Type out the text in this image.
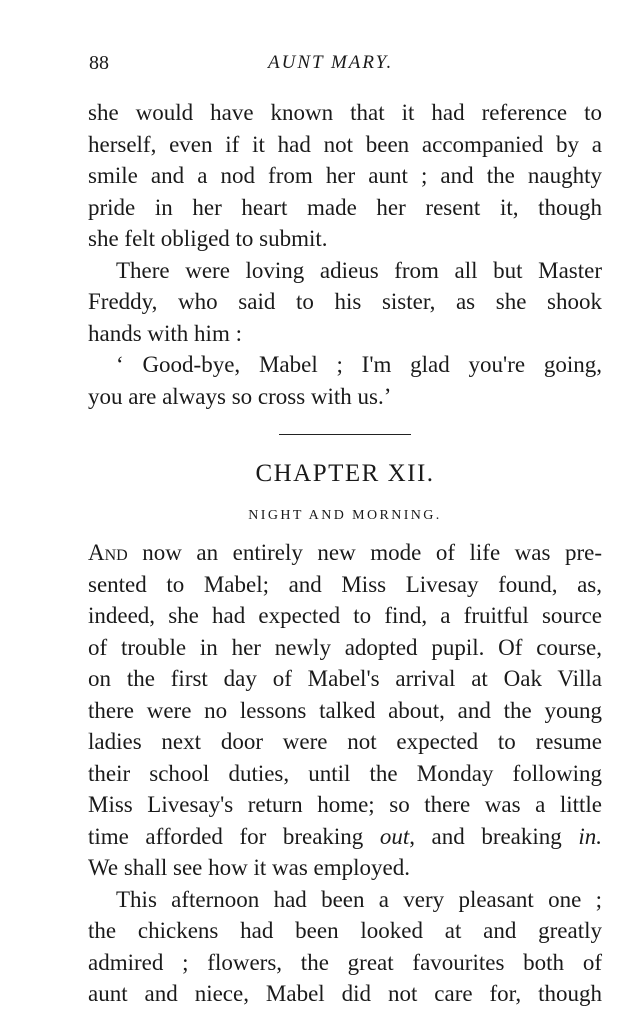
88	AUNT MARY.
she would have known that it had reference to
herself, even if it had not been accompanied by a
smile and a nod from her aunt ; and the naughty
pride in her heart made her resent it, though
she felt obliged to submit.
There were loving adieus from all but Master
Freddy, who said to his sister, as she shook
hands with him :
‘ Good-bye, Mabel ; I'm glad you're going,
you are always so cross with us.’
CHAPTER XII.
NIGHT AND MORNING.
And now an entirely new mode of life was pre-
sented to Mabel; and Miss Livesay found, as,
indeed, she had expected to find, a fruitful source
of trouble in her newly adopted pupil. Of course,
on the first day of Mabel's arrival at Oak Villa
there were no lessons talked about, and the young
ladies next door were not expected to resume
their school duties, until the Monday following
Miss Livesay's return home; so there was a little
time afforded for breaking out, and breaking in.
We shall see how it was employed.
This afternoon had been a very pleasant one ;
the chickens had been looked at and greatly
admired ; flowers, the great favourites both of
aunt and niece, Mabel did not care for, though
